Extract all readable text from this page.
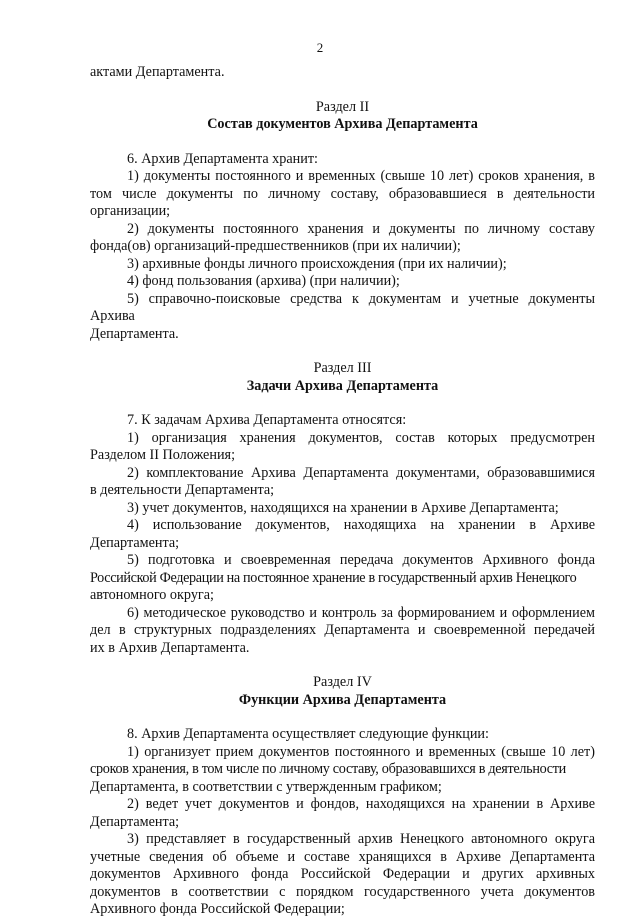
2

актами Департамента.

Раздел II

Состав документов Архива Департамента

6. Архив Департамента хранит:

1) документы постоянного и временных (свыше 10 лет) сроков хранения, в
том числе документы по личному составу, образовавшиеся в деятельности
организации;

2) документы постоянного хранения и документы по личному составу
фонда(ов) организаций-предшественников (при их наличии);

3) архивные фонды личного происхождения (при их наличии);

4) фонд пользования (архива) (при наличии);

5) справочно-поисковые средства к документам и учетные документы Архива
Департамента.

Раздел III

Задачи Архива Департамента

7. К задачам Архива Департамента относятся:

1) организация хранения документов, состав которых предусмотрен
Разделом II Положения;

2) комплектование Архива Департамента документами, образовавшимися
в деятельности Департамента;

3) учет документов, находящихся на хранении в Архиве Департамента;

4) использование документов, находящиха на хранении в Архиве
Департамента;

5) подготовка и своевременная передача документов Архивного фонда
Российской Федерации на постоянное хранение в государственный архив Ненецкого
автономного округа;

6) методическое руководство и контроль за формированием и оформлением
дел в структурных подразделениях Департамента и своевременной передачей
их в Архив Департамента.

Раздел IV

Функции Архива Департамента

8. Архив Департамента осуществляет следующие функции:

1) организует прием документов постоянного и временных (свыше 10 лет)
сроков хранения, в том числе по личному составу, образовавшихся в деятельности
Департамента, в соответствии с утвержденным графиком;

2) ведет учет документов и фондов, находящихся на хранении в Архиве
Департамента;

3) представляет в государственный архив Ненецкого автономного округа
учетные сведения об объеме и составе хранящихся в Архиве Департамента
документов Архивного фонда Российской Федерации и других архивных
документов в соответствии с порядком государственного учета документов
Архивного фонда Российской Федерации;
